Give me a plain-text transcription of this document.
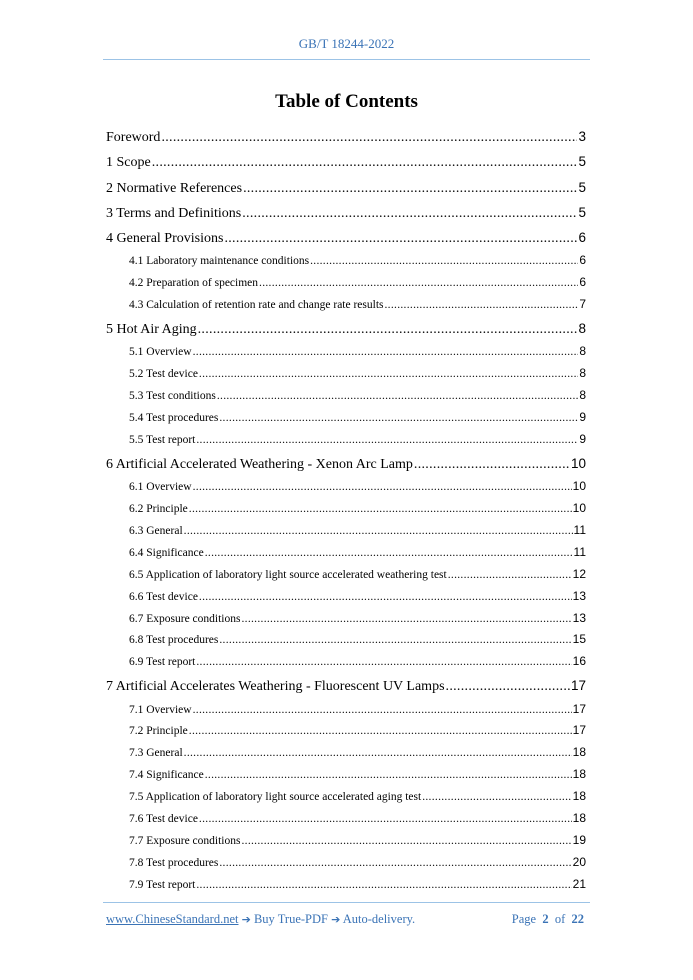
GB/T 18244-2022
Table of Contents
Foreword .....	3
1 Scope .....	5
2 Normative References .....	5
3 Terms and Definitions .....	5
4 General Provisions .....	6
4.1 Laboratory maintenance conditions .....	6
4.2 Preparation of specimen .....	6
4.3 Calculation of retention rate and change rate results .....	7
5 Hot Air Aging .....	8
5.1 Overview .....	8
5.2 Test device .....	8
5.3 Test conditions .....	8
5.4 Test procedures .....	9
5.5 Test report .....	9
6 Artificial Accelerated Weathering - Xenon Arc Lamp .....	10
6.1 Overview .....	10
6.2 Principle .....	10
6.3 General .....	11
6.4 Significance .....	11
6.5 Application of laboratory light source accelerated weathering test .....	12
6.6 Test device .....	13
6.7 Exposure conditions .....	13
6.8 Test procedures .....	15
6.9 Test report .....	16
7 Artificial Accelerates Weathering - Fluorescent UV Lamps .....	17
7.1 Overview .....	17
7.2 Principle .....	17
7.3 General .....	18
7.4 Significance .....	18
7.5 Application of laboratory light source accelerated aging test .....	18
7.6 Test device .....	18
7.7 Exposure conditions .....	19
7.8 Test procedures .....	20
7.9 Test report .....	21
www.ChineseStandard.net ➔ Buy True-PDF ➔ Auto-delivery.	Page 2 of 22
